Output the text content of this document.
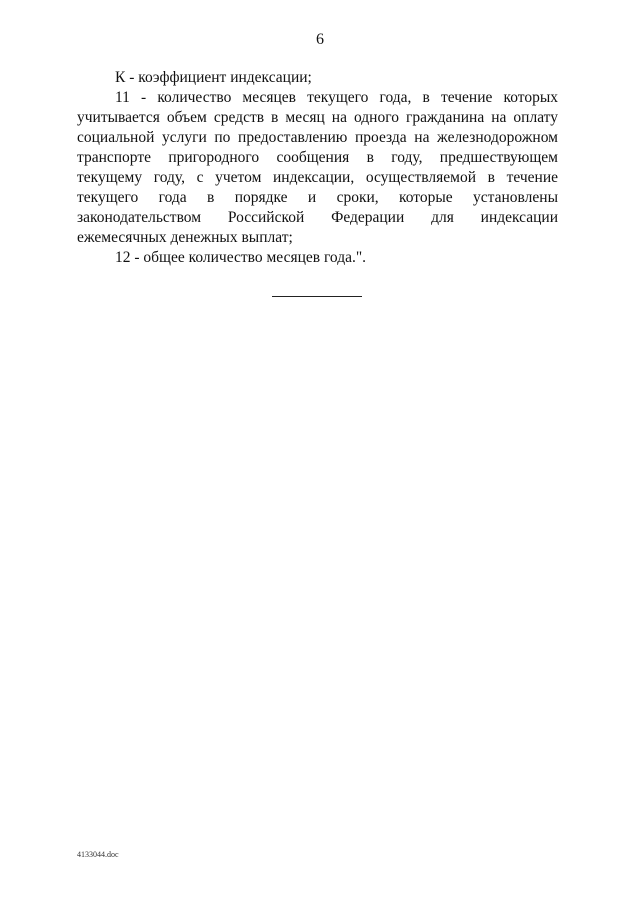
6

К - коэффициент индексации;

11 - количество месяцев текущего года, в течение которых учитывается объем средств в месяц на одного гражданина на оплату социальной услуги по предоставлению проезда на железнодорожном транспорте пригородного сообщения в году, предшествующем текущему году, с учетом индексации, осуществляемой в течение текущего года в порядке и сроки, которые установлены законодательством Российской Федерации для индексации ежемесячных денежных выплат;

12 - общее количество месяцев года.".

4133044.doc
